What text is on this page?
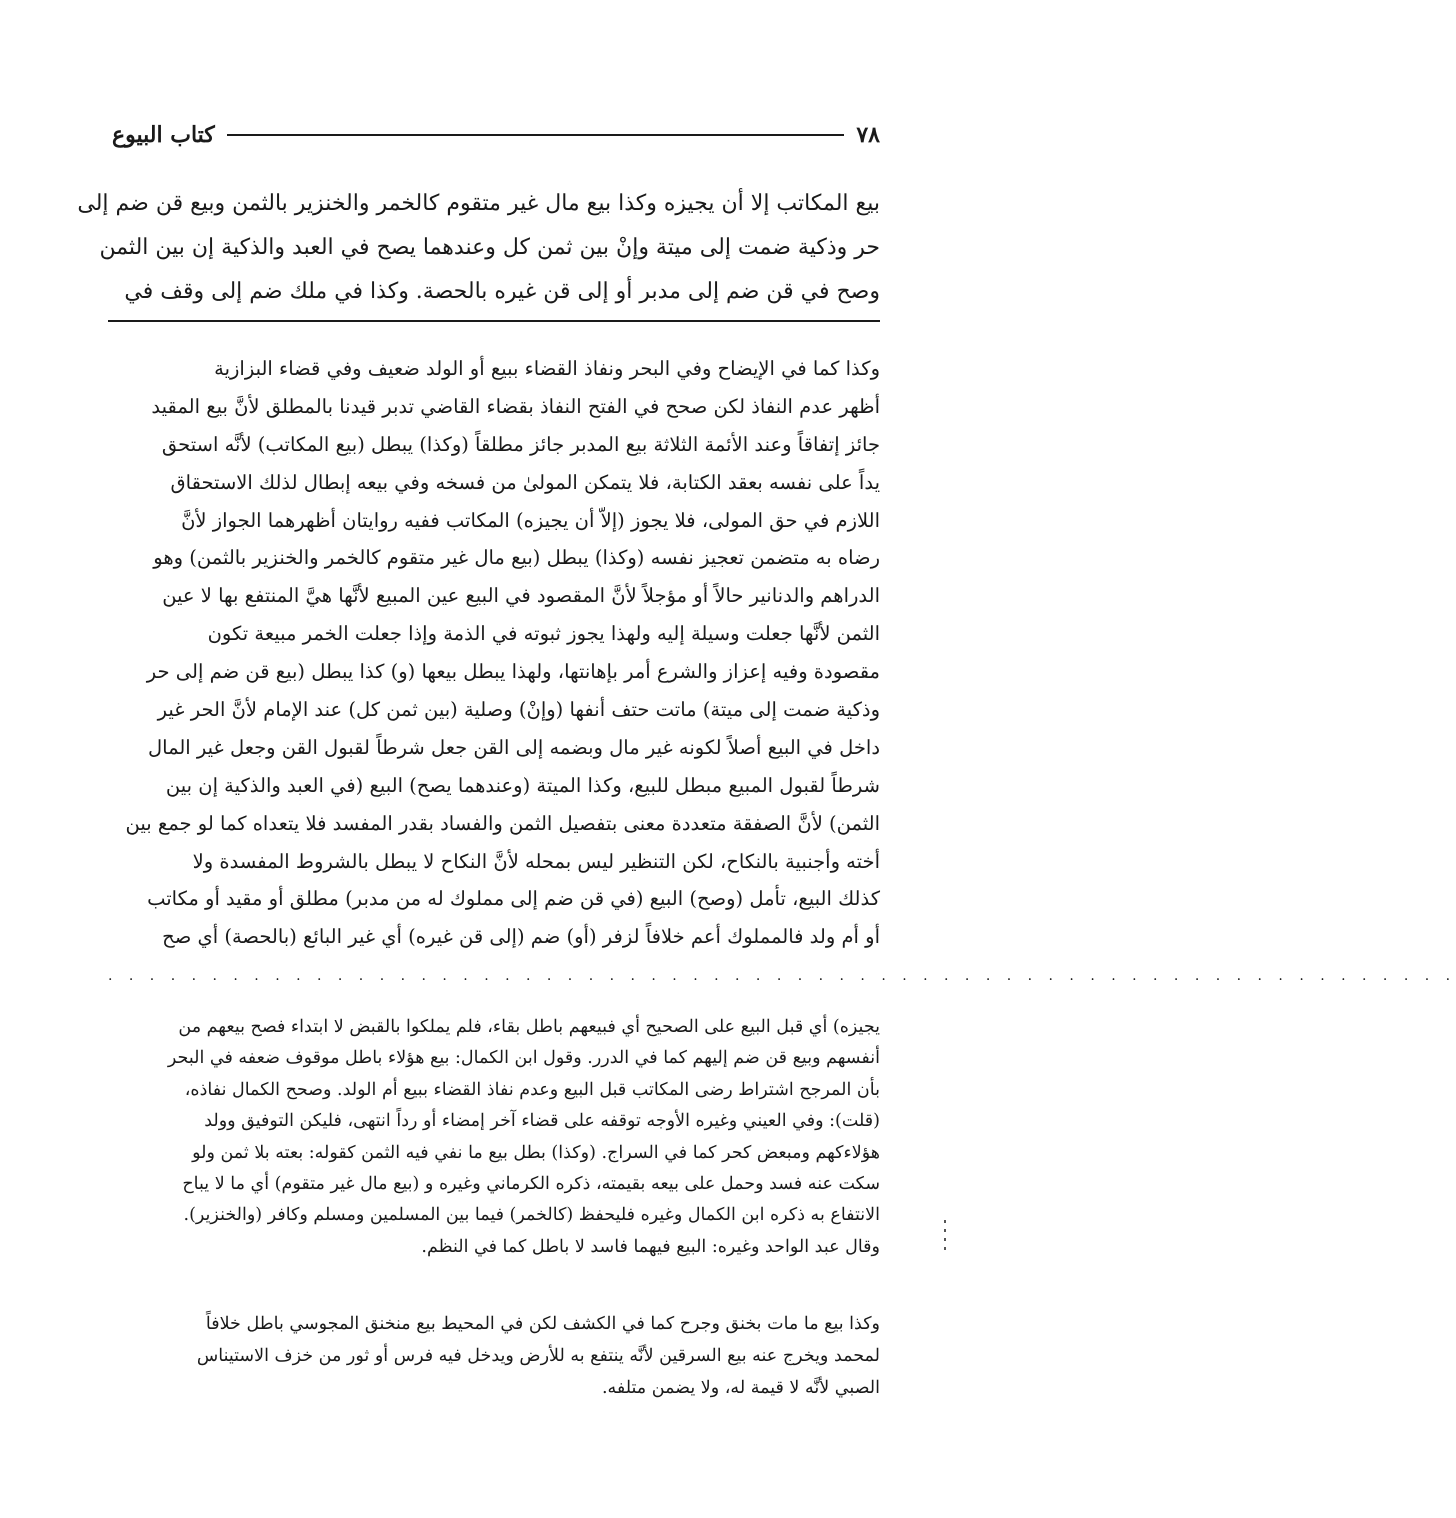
٧٨
كتاب البيوع
بيع المكاتب إلا أن يجيزه وكذا بيع مال غير متقوم كالخمر والخنزير بالثمن وبيع قن ضم إلى
حر وذكية ضمت إلى ميتة وإنْ بين ثمن كل وعندهما يصح في العبد والذكية إن بين الثمن
وصح في قن ضم إلى مدبر أو إلى قن غيره بالحصة. وكذا في ملك ضم إلى وقف في
وكذا كما في الإيضاح وفي البحر ونفاذ القضاء ببيع أو الولد ضعيف وفي قضاء البزازية
أظهر عدم النفاذ لكن صحح في الفتح النفاذ بقضاء القاضي تدبر قيدنا بالمطلق لأنَّ بيع المقيد
جائز إتفاقاً وعند الأئمة الثلاثة بيع المدبر جائز مطلقاً (وكذا) يبطل (بيع المكاتب) لأنَّه استحق
يداً على نفسه بعقد الكتابة، فلا يتمكن المولىٰ من فسخه وفي بيعه إبطال لذلك الاستحقاق
اللازم في حق المولى، فلا يجوز (إلاّ أن يجيزه) المكاتب ففيه روايتان أظهرهما الجواز لأنَّ
رضاه به متضمن تعجيز نفسه (وكذا) يبطل (بيع مال غير متقوم كالخمر والخنزير بالثمن) وهو
الدراهم والدنانير حالاً أو مؤجلاً لأنَّ المقصود في البيع عين المبيع لأنَّها هيَّ المنتفع بها لا عين
الثمن لأنَّها جعلت وسيلة إليه ولهذا يجوز ثبوته في الذمة وإذا جعلت الخمر مبيعة تكون
مقصودة وفيه إعزاز والشرع أمر بإهانتها، ولهذا يبطل بيعها (و) كذا يبطل (بيع قن ضم إلى حر
وذكية ضمت إلى ميتة) ماتت حتف أنفها (وإنْ) وصلية (بين ثمن كل) عند الإمام لأنَّ الحر غير
داخل في البيع أصلاً لكونه غير مال وبضمه إلى القن جعل شرطاً لقبول القن وجعل غير المال
شرطاً لقبول المبيع مبطل للبيع، وكذا الميتة (وعندهما يصح) البيع (في العبد والذكية إن بين
الثمن) لأنَّ الصفقة متعددة معنى بتفصيل الثمن والفساد بقدر المفسد فلا يتعداه كما لو جمع بين
أخته وأجنبية بالنكاح، لكن التنظير ليس بمحله لأنَّ النكاح لا يبطل بالشروط المفسدة ولا
كذلك البيع، تأمل (وصح) البيع (في قن ضم إلى مملوك له من مدبر) مطلق أو مقيد أو مكاتب
أو أم ولد فالمملوك أعم خلافاً لزفر (أو) ضم (إلى قن غيره) أي غير البائع (بالحصة) أي صح
. . . . . . . . . . . . . . . . . . . . . . . . . . . . . . . . . . . . . . . . . . . . . . . . . . . . . . . . . . . . . . . . .
يجيزه) أي قبل البيع على الصحيح أي فبيعهم باطل بقاء، فلم يملكوا بالقبض لا ابتداء فصح بيعهم من
أنفسهم وبيع قن ضم إليهم كما في الدرر. وقول ابن الكمال: بيع هؤلاء باطل موقوف ضعفه في البحر
بأن المرجح اشتراط رضى المكاتب قبل البيع وعدم نفاذ القضاء ببيع أم الولد. وصحح الكمال نفاذه،
(قلت): وفي العيني وغيره الأوجه توقفه على قضاء آخر إمضاء أو رداً انتهى، فليكن التوفيق وولد
هؤلاءكهم ومبعض كحر كما في السراج. (وكذا) بطل بيع ما نفي فيه الثمن كقوله: بعته بلا ثمن ولو
سكت عنه فسد وحمل على بيعه بقيمته، ذكره الكرماني وغيره و (بيع مال غير متقوم) أي ما لا يباح
الانتفاع به ذكره ابن الكمال وغيره فليحفظ (كالخمر) فيما بين المسلمين ومسلم وكافر (والخنزير).
وقال عبد الواحد وغيره: البيع فيهما فاسد لا باطل كما في النظم.
وكذا بيع ما مات بخنق وجرح كما في الكشف لكن في المحيط بيع منخنق المجوسي باطل خلافاً
لمحمد ويخرج عنه بيع السرقين لأنَّه ينتفع به للأرض ويدخل فيه فرس أو ثور من خزف الاستيناس
الصبي لأنَّه لا قيمة له، ولا يضمن متلفه.
